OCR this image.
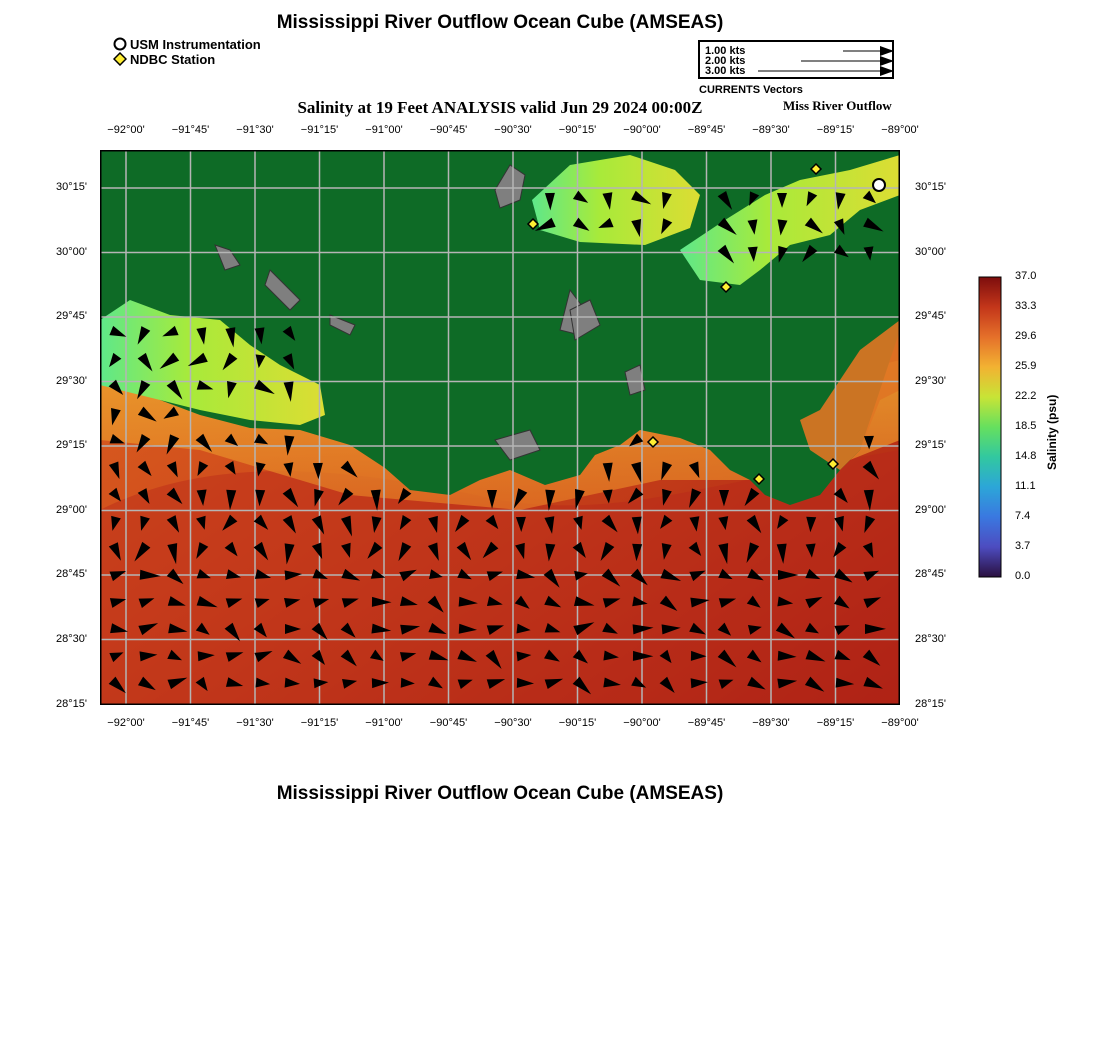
Mississippi River Outflow Ocean Cube (AMSEAS)
USM Instrumentation
NDBC Station
1.00 kts
2.00 kts
3.00 kts
CURRENTS Vectors
Salinity at 19 Feet ANALYSIS valid Jun 29 2024 00:00Z	Miss River Outflow
−92°00'	−91°45'	−91°30'	−91°15'	−91°00'	−90°45'	−90°30'	−90°15'	−90°00'	−89°45'	−89°30'	−89°15'	−89°00'
−92°00'	−91°45'	−91°30'	−91°15'	−91°00'	−90°45'	−90°30'	−90°15'	−90°00'	−89°45'	−89°30'	−89°15'	−89°00'
30°15'
30°00'
29°45'
29°30'
29°15'
29°00'
28°45'
28°30'
28°15'
30°15'
30°00'
29°45'
29°30'
29°15'
29°00'
28°45'
28°30'
28°15'
37.0
33.3
29.6
25.9
22.2
18.5
14.8
11.1
7.4
3.7
0.0
Salinity (psu)
Mississippi River Outflow Ocean Cube (AMSEAS)
